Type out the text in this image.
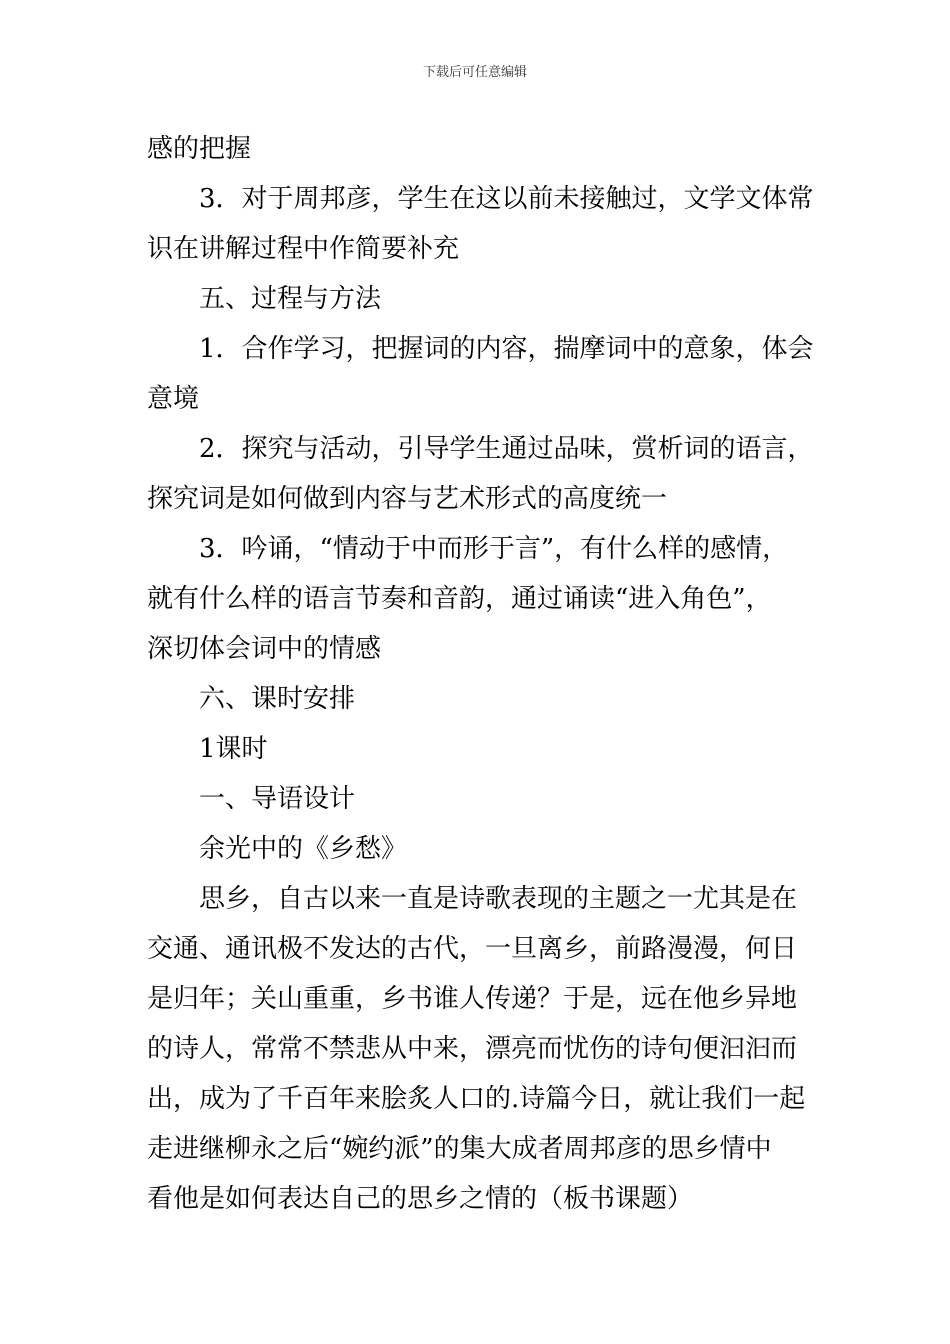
下载后可任意编辑
感的把握
3．对于周邦彦，学生在这以前未接触过，文学文体常
识在讲解过程中作简要补充
五、过程与方法
1．合作学习，把握词的内容，揣摩词中的意象，体会
意境
2．探究与活动，引导学生通过品味，赏析词的语言，
探究词是如何做到内容与艺术形式的高度统一
3．吟诵，“情动于中而形于言”，有什么样的感情，
就有什么样的语言节奏和音韵，通过诵读“进入角色”，
深切体会词中的情感
六、课时安排
1课时
一、导语设计
余光中的《乡愁》
思乡，自古以来一直是诗歌表现的主题之一尤其是在
交通、通讯极不发达的古代，一旦离乡，前路漫漫，何日
是归年；关山重重，乡书谁人传递？于是，远在他乡异地
的诗人，常常不禁悲从中来，漂亮而忧伤的诗句便汩汩而
出，成为了千百年来脍炙人口的.诗篇今日，就让我们一起
走进继柳永之后“婉约派”的集大成者周邦彦的思乡情中
看他是如何表达自己的思乡之情的（板书课题）
